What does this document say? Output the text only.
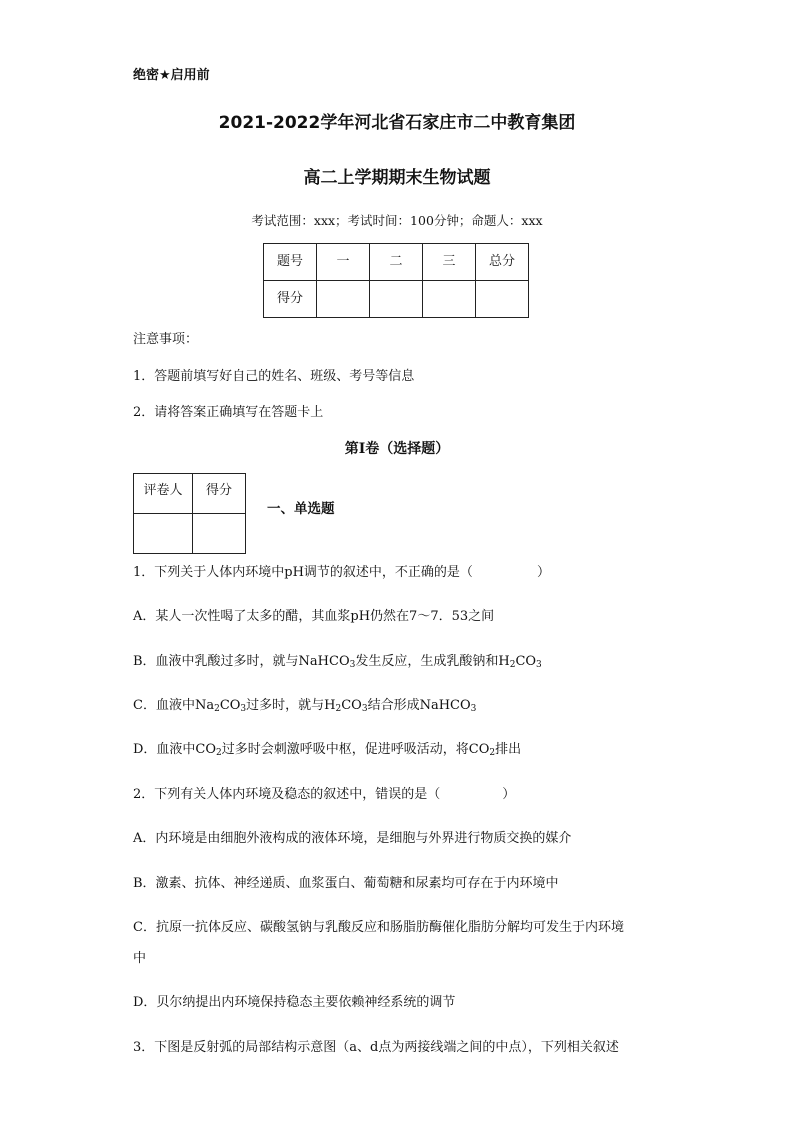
绝密★启用前
2021-2022学年河北省石家庄市二中教育集团
高二上学期期末生物试题
考试范围：xxx；考试时间：100分钟；命题人：xxx
题号	一	二	三	总分
得分				
注意事项：
1．答题前填写好自己的姓名、班级、考号等信息
2．请将答案正确填写在答题卡上
第I卷（选择题）
评卷人	得分

一、单选题
1．下列关于人体内环境中pH调节的叙述中，不正确的是（	）
A．某人一次性喝了太多的醋，其血浆pH仍然在7～7．53之间
B．血液中乳酸过多时，就与NaHCO$_3$发生反应，生成乳酸钠和$H_2CO_3$
C．血液中$Na_2CO_3$过多时，就与$H_2CO_3$结合形成NaHCO$_3$
D．血液中$CO_2$过多时会刺激呼吸中枢，促进呼吸活动，将$CO_2$排出
2．下列有关人体内环境及稳态的叙述中，错误的是（	）
A．内环境是由细胞外液构成的液体环境，是细胞与外界进行物质交换的媒介
B．激素、抗体、神经递质、血浆蛋白、葡萄糖和尿素均可存在于内环境中
C．抗原一抗体反应、碳酸氢钠与乳酸反应和肠脂肪酶催化脂肪分解均可发生于内环境
中
D．贝尔纳提出内环境保持稳态主要依赖神经系统的调节
3．下图是反射弧的局部结构示意图（a、d点为两接线端之间的中点），下列相关叙述
